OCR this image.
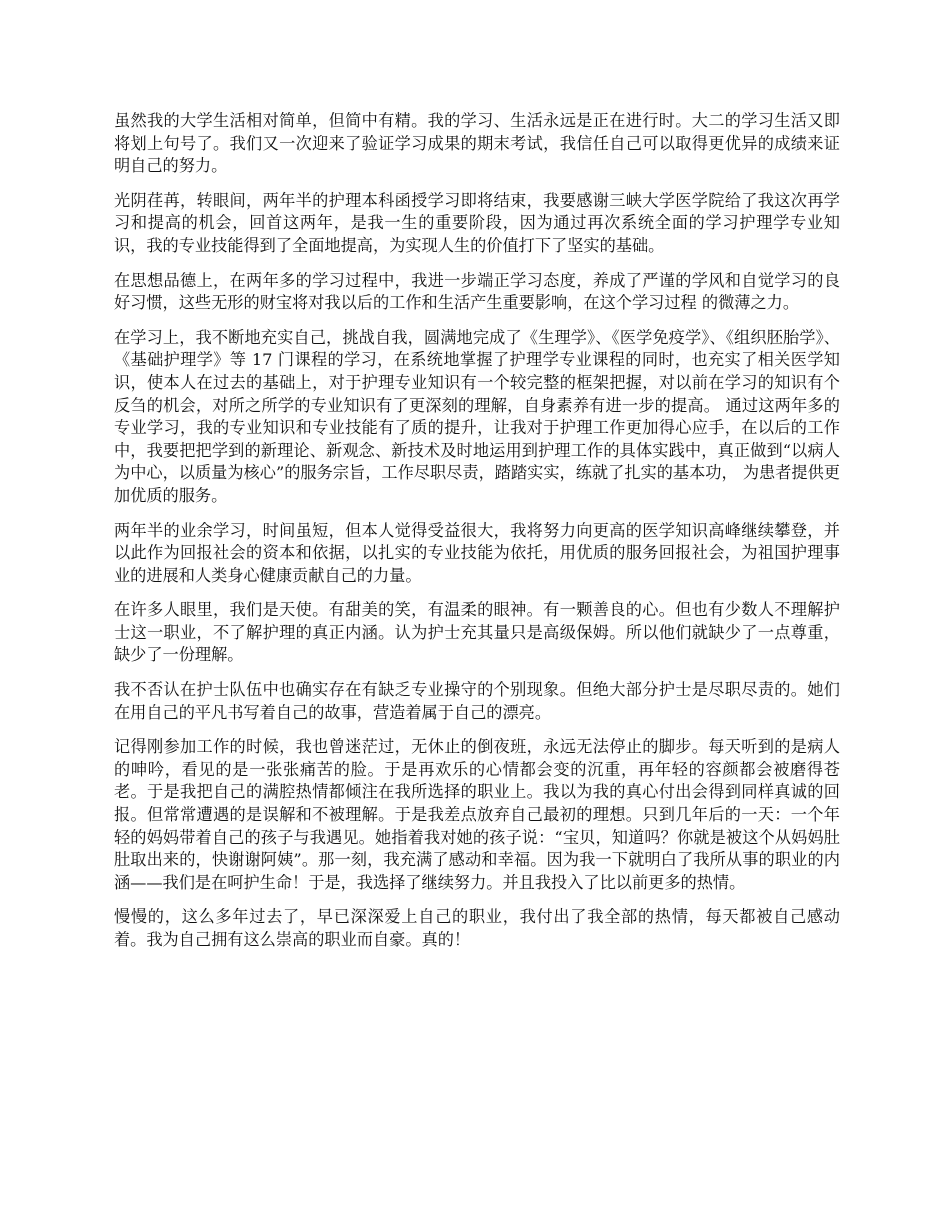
虽然我的大学生活相对简单，但简中有精。我的学习、生活永远是正在进行时。大二的学习生活又即将划上句号了。我们又一次迎来了验证学习成果的期末考试，我信任自己可以取得更优异的成绩来证明自己的努力。

光阴荏苒，转眼间，两年半的护理本科函授学习即将结束，我要感谢三峡大学医学院给了我这次再学习和提高的机会，回首这两年，是我一生的重要阶段，因为通过再次系统全面的学习护理学专业知识，我的专业技能得到了全面地提高，为实现人生的价值打下了坚实的基础。

在思想品德上，在两年多的学习过程中，我进一步端正学习态度，养成了严谨的学风和自觉学习的良好习惯，这些无形的财宝将对我以后的工作和生活产生重要影响，在这个学习过程 的微薄之力。

在学习上，我不断地充实自己，挑战自我，圆满地完成了《生理学》、《医学免疫学》、《组织胚胎学》、《基础护理学》等 17 门课程的学习，在系统地掌握了护理学专业课程的同时，也充实了相关医学知识，使本人在过去的基础上，对于护理专业知识有一个较完整的框架把握，对以前在学习的知识有个反刍的机会，对所之所学的专业知识有了更深刻的理解，自身素养有进一步的提高。 通过这两年多的专业学习，我的专业知识和专业技能有了质的提升，让我对于护理工作更加得心应手，在以后的工作中，我要把把学到的新理论、新观念、新技术及时地运用到护理工作的具体实践中，真正做到“以病人为中心，以质量为核心”的服务宗旨，工作尽职尽责，踏踏实实，练就了扎实的基本功， 为患者提供更加优质的服务。

两年半的业余学习，时间虽短，但本人觉得受益很大，我将努力向更高的医学知识高峰继续攀登，并以此作为回报社会的资本和依据，以扎实的专业技能为依托，用优质的服务回报社会，为祖国护理事业的进展和人类身心健康贡献自己的力量。

在许多人眼里，我们是天使。有甜美的笑，有温柔的眼神。有一颗善良的心。但也有少数人不理解护士这一职业，不了解护理的真正内涵。认为护士充其量只是高级保姆。所以他们就缺少了一点尊重，缺少了一份理解。

我不否认在护士队伍中也确实存在有缺乏专业操守的个别现象。但绝大部分护士是尽职尽责的。她们在用自己的平凡书写着自己的故事，营造着属于自己的漂亮。

记得刚参加工作的时候，我也曾迷茫过，无休止的倒夜班，永远无法停止的脚步。每天听到的是病人的呻吟，看见的是一张张痛苦的脸。于是再欢乐的心情都会变的沉重，再年轻的容颜都会被磨得苍老。于是我把自己的满腔热情都倾注在我所选择的职业上。我以为我的真心付出会得到同样真诚的回报。但常常遭遇的是误解和不被理解。于是我差点放弃自己最初的理想。只到几年后的一天：一个年轻的妈妈带着自己的孩子与我遇见。她指着我对她的孩子说：“宝贝，知道吗？你就是被这个从妈妈肚肚取出来的，快谢谢阿姨”。那一刻，我充满了感动和幸福。因为我一下就明白了我所从事的职业的内涵——我们是在呵护生命！于是，我选择了继续努力。并且我投入了比以前更多的热情。

慢慢的，这么多年过去了，早已深深爱上自己的职业，我付出了我全部的热情，每天都被自己感动着。我为自己拥有这么崇高的职业而自豪。真的！
